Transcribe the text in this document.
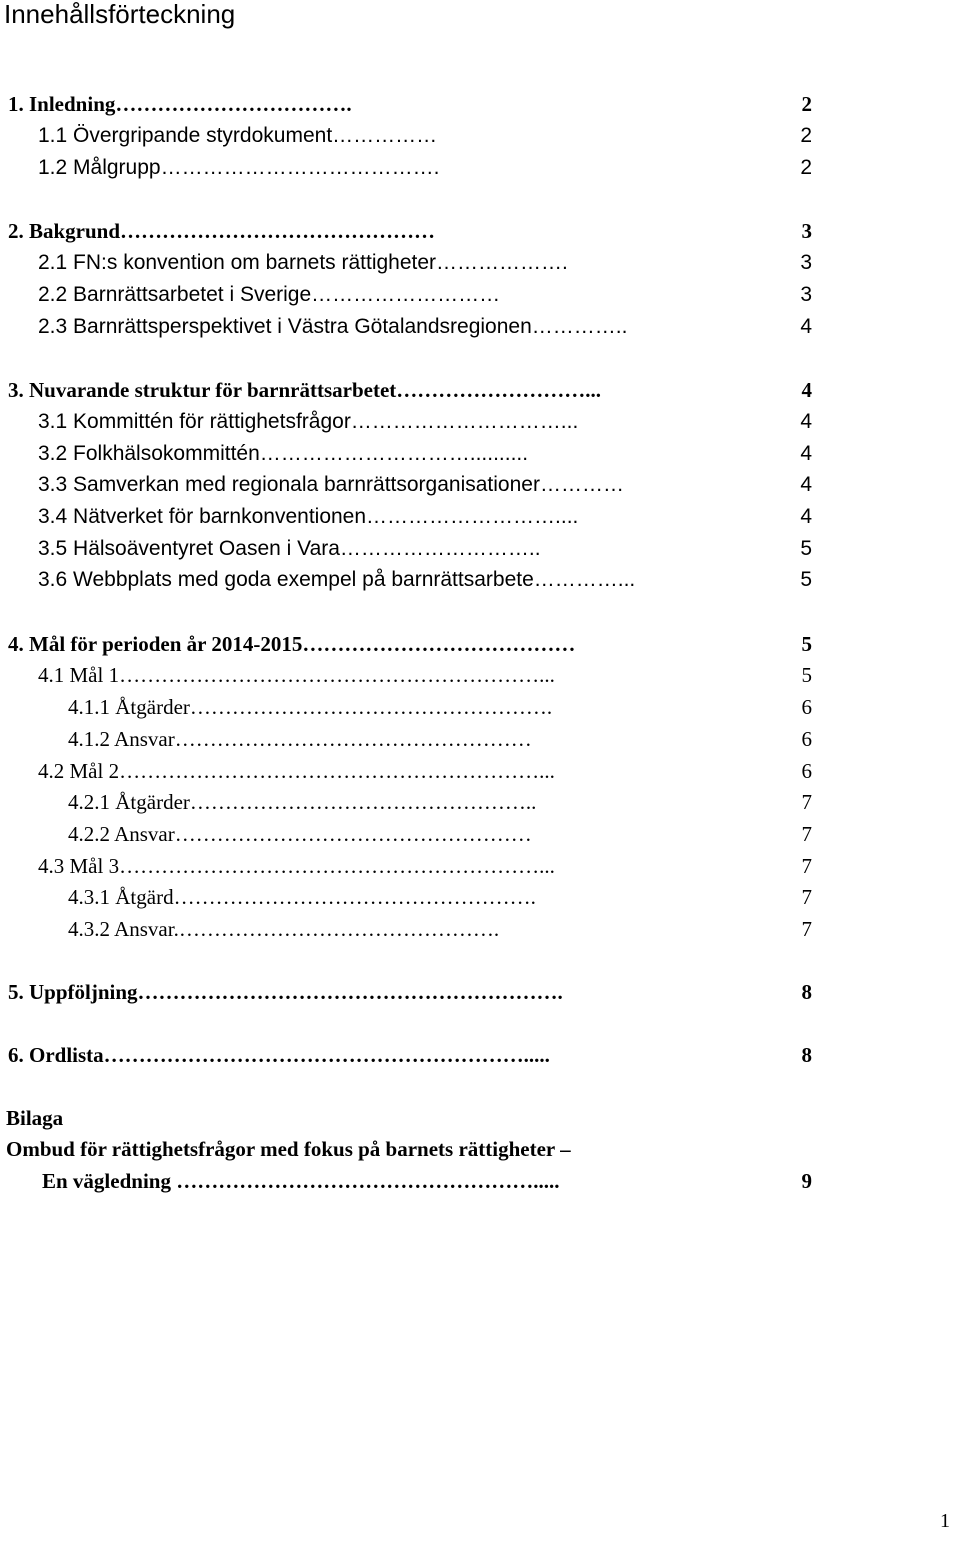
Innehållsförteckning
1. Inledning…………………………….	2
1.1 Övergripande styrdokument……………	2
1.2 Målgrupp………………………………….	2
2. Bakgrund………………………………………	3
2.1 FN:s konvention om barnets rättigheter……………….	3
2.2 Barnrättsarbetet i Sverige………………………	3
2.3 Barnrättsperspektivet i Västra Götalandsregionen…………..	4
3. Nuvarande struktur för barnrättsarbetet………………………...	4
3.1 Kommittén för rättighetsfrågor…………………………...	4
3.2 Folkhälsokommittén…………………………..........	4
3.3 Samverkan med regionala barnrättsorganisationer…………	4
3.4 Nätverket för barnkonventionen………………………....	4
3.5 Hälsoäventyret Oasen i Vara………………………..	5
3.6 Webbplats med goda exempel på barnrättsarbete…………...	5
4. Mål för perioden år 2014-2015…………………………………	5
4.1 Mål 1……………………………………………………...	5
4.1.1 Åtgärder…………………………………………….	6
4.1.2 Ansvar……………………………………………	6
4.2 Mål 2……………………………………………………...	6
4.2.1 Åtgärder…………………………………………..	7
4.2.2 Ansvar……………………………………………	7
4.3 Mål 3……………………………………………………...	7
4.3.1 Åtgärd…………………………………………….	7
4.3.2 Ansvar.……………………………………….	7
5. Uppföljning…………………………………………………….	8
6. Ordlista…………………………………………………….....	8
Bilaga
Ombud för rättighetsfrågor med fokus på barnets rättigheter –
En vägledning …………………………………………….....	9
1
